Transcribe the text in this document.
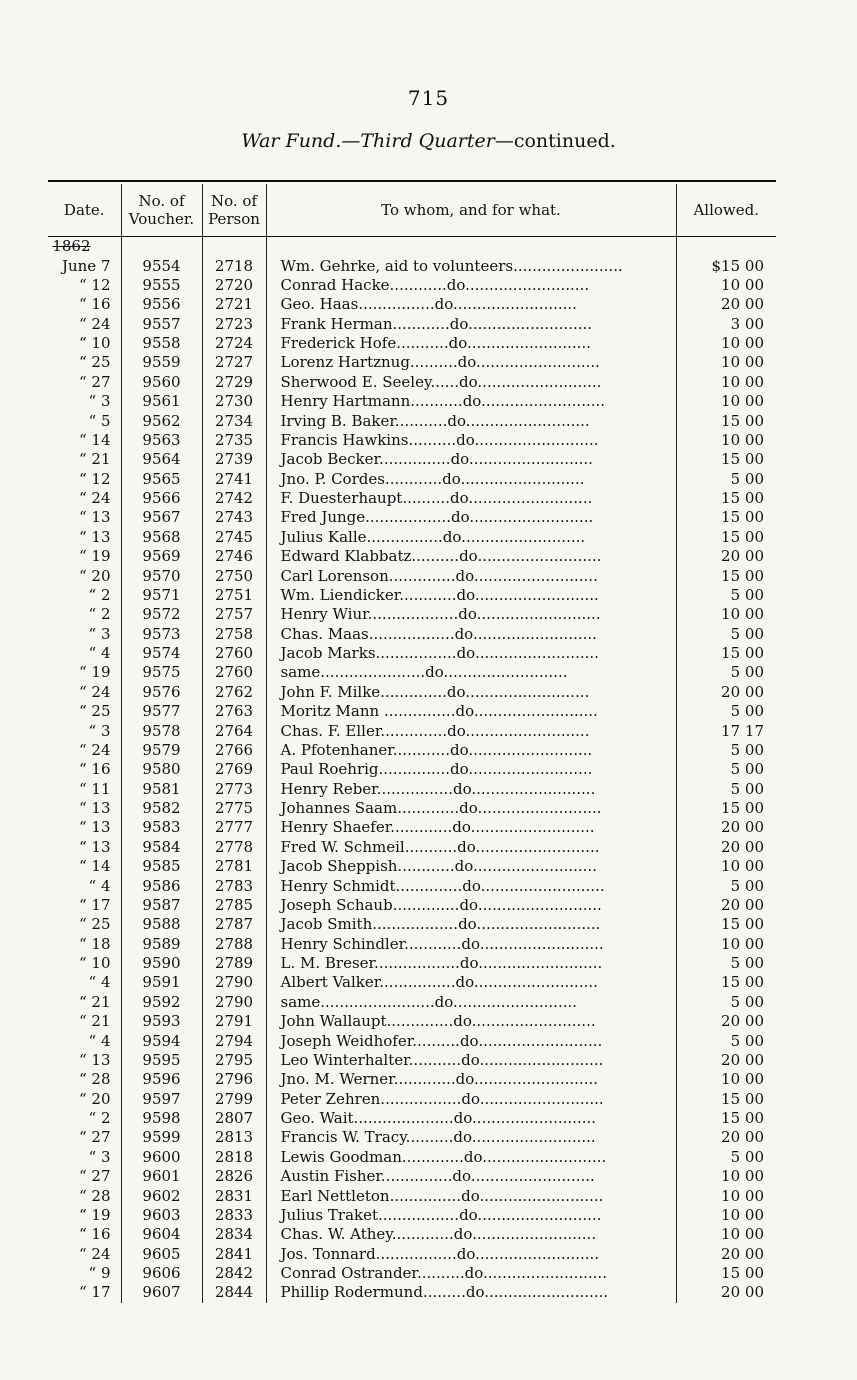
715
War Fund.—Third Quarter—continued.
Date.	No. of Voucher.	No. of Person	To whom, and for what.	Allowed.
1862				
June 7	9554	2718	Wm. Gehrke, aid to volunteers.......................	$15 00
“ 12	9555	2720	Conrad Hacke............do..........................	10 00
“ 16	9556	2721	Geo. Haas................do..........................	20 00
“ 24	9557	2723	Frank Herman............do..........................	3 00
“ 10	9558	2724	Frederick Hofe...........do..........................	10 00
“ 25	9559	2727	Lorenz Hartznug..........do..........................	10 00
“ 27	9560	2729	Sherwood E. Seeley......do..........................	10 00
“ 3	9561	2730	Henry Hartmann...........do..........................	10 00
“ 5	9562	2734	Irving B. Baker...........do..........................	15 00
“ 14	9563	2735	Francis Hawkins..........do..........................	10 00
“ 21	9564	2739	Jacob Becker...............do..........................	15 00
“ 12	9565	2741	Jno. P. Cordes............do..........................	5 00
“ 24	9566	2742	F. Duesterhaupt..........do..........................	15 00
“ 13	9567	2743	Fred Junge..................do..........................	15 00
“ 13	9568	2745	Julius Kalle................do..........................	15 00
“ 19	9569	2746	Edward Klabbatz..........do..........................	20 00
“ 20	9570	2750	Carl Lorenson..............do..........................	15 00
“ 2	9571	2751	Wm. Liendicker............do..........................	5 00
“ 2	9572	2757	Henry Wiur...................do..........................	10 00
“ 3	9573	2758	Chas. Maas..................do..........................	5 00
“ 4	9574	2760	Jacob Marks.................do..........................	15 00
“ 19	9575	2760	same......................do..........................	5 00
“ 24	9576	2762	John F. Milke..............do..........................	20 00
“ 25	9577	2763	Moritz Mann ...............do..........................	5 00
“ 3	9578	2764	Chas. F. Eller..............do..........................	17 17
“ 24	9579	2766	A. Pfotenhaner............do..........................	5 00
“ 16	9580	2769	Paul Roehrig...............do..........................	5 00
“ 11	9581	2773	Henry Reber................do..........................	5 00
“ 13	9582	2775	Johannes Saam.............do..........................	15 00
“ 13	9583	2777	Henry Shaefer.............do..........................	20 00
“ 13	9584	2778	Fred W. Schmeil...........do..........................	20 00
“ 14	9585	2781	Jacob Sheppish............do..........................	10 00
“ 4	9586	2783	Henry Schmidt..............do..........................	5 00
“ 17	9587	2785	Joseph Schaub..............do..........................	20 00
“ 25	9588	2787	Jacob Smith..................do..........................	15 00
“ 18	9589	2788	Henry Schindler............do..........................	10 00
“ 10	9590	2789	L. M. Breser..................do..........................	5 00
“ 4	9591	2790	Albert Valker................do..........................	15 00
“ 21	9592	2790	same........................do..........................	5 00
“ 21	9593	2791	John Wallaupt..............do..........................	20 00
“ 4	9594	2794	Joseph Weidhofer..........do..........................	5 00
“ 13	9595	2795	Leo Winterhalter...........do..........................	20 00
“ 28	9596	2796	Jno. M. Werner.............do..........................	10 00
“ 20	9597	2799	Peter Zehren.................do..........................	15 00
“ 2	9598	2807	Geo. Wait.....................do..........................	15 00
“ 27	9599	2813	Francis W. Tracy..........do..........................	20 00
“ 3	9600	2818	Lewis Goodman.............do..........................	5 00
“ 27	9601	2826	Austin Fisher...............do..........................	10 00
“ 28	9602	2831	Earl Nettleton...............do..........................	10 00
“ 19	9603	2833	Julius Traket.................do..........................	10 00
“ 16	9604	2834	Chas. W. Athey.............do..........................	10 00
“ 24	9605	2841	Jos. Tonnard.................do..........................	20 00
“ 9	9606	2842	Conrad Ostrander..........do..........................	15 00
“ 17	9607	2844	Phillip Rodermund.........do..........................	20 00
